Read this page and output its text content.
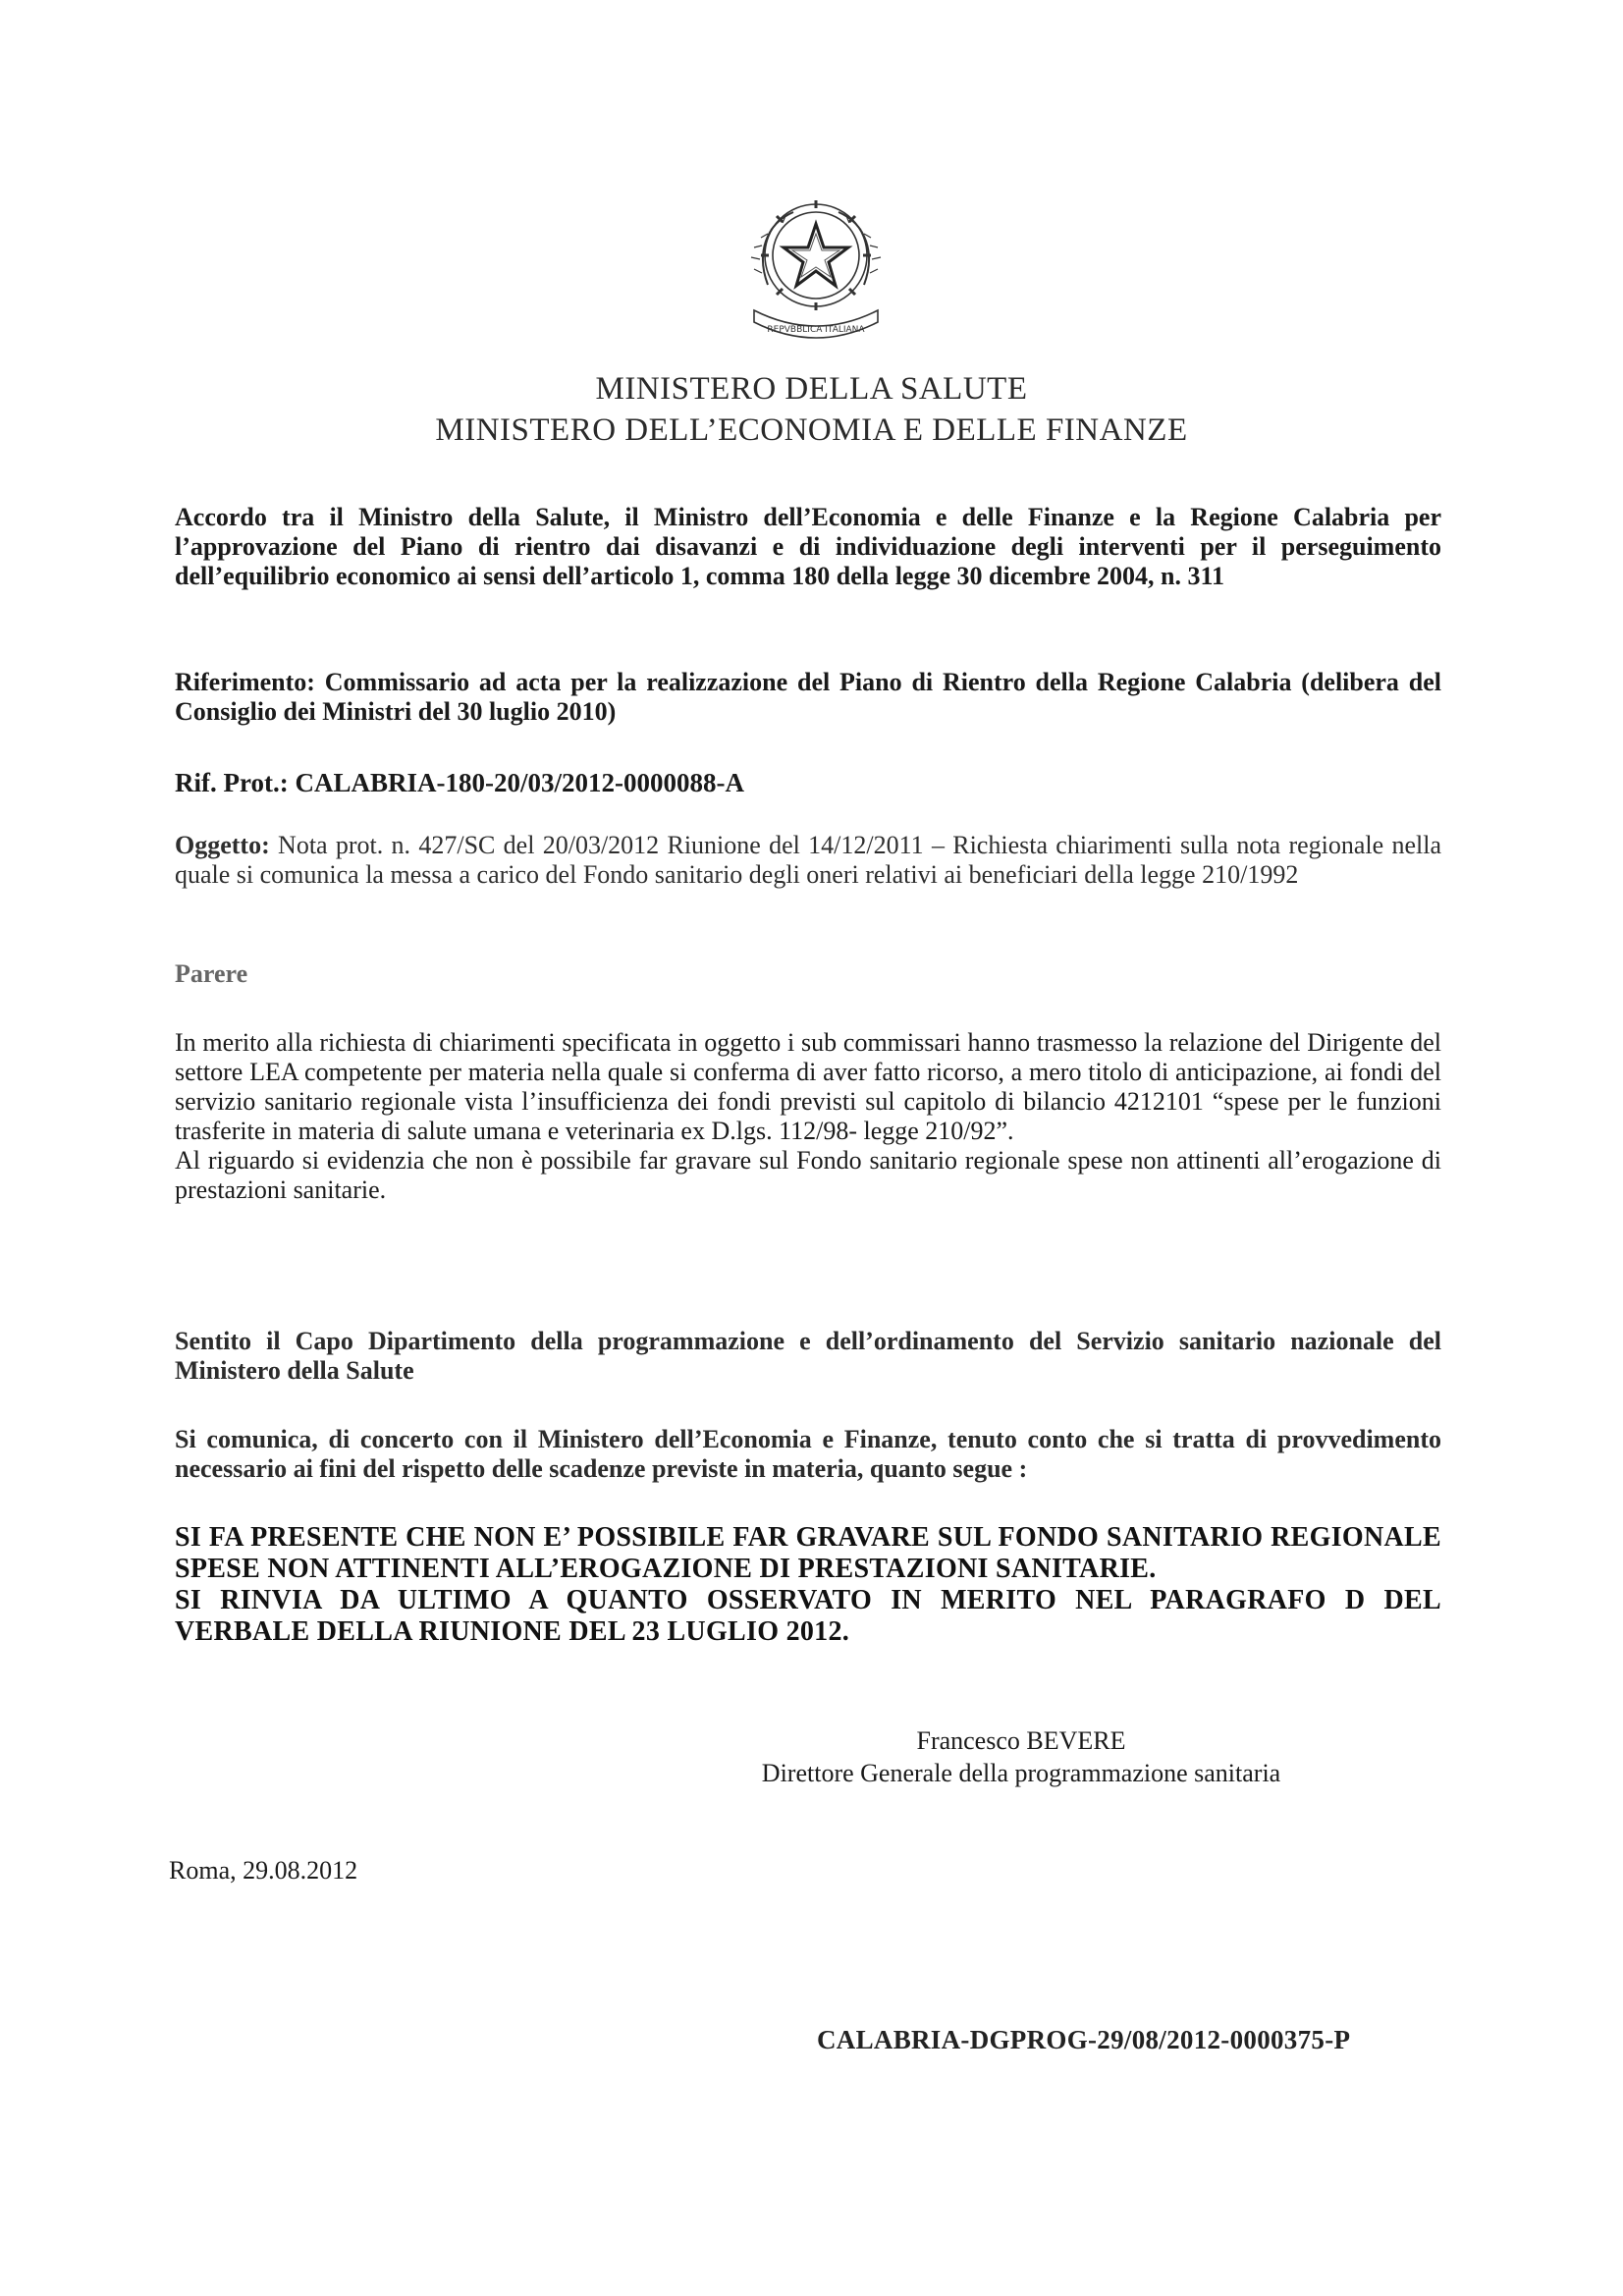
REPVBBLICA ITALIANA
MINISTERO DELLA SALUTE
MINISTERO DELL’ECONOMIA E DELLE FINANZE
Accordo tra il Ministro della Salute, il Ministro dell’Economia e delle Finanze e la Regione Calabria per l’approvazione del Piano di rientro dai disavanzi e di individuazione degli interventi per il perseguimento dell’equilibrio economico ai sensi dell’articolo 1, comma 180 della legge 30 dicembre 2004, n. 311
Riferimento: Commissario ad acta per la realizzazione del Piano di Rientro della Regione Calabria (delibera del Consiglio dei Ministri del 30 luglio 2010)
Rif. Prot.: CALABRIA-180-20/03/2012-0000088-A
Oggetto: Nota prot. n. 427/SC del 20/03/2012 Riunione del 14/12/2011 – Richiesta chiarimenti sulla nota regionale nella quale si comunica la messa a carico del Fondo sanitario degli oneri relativi ai beneficiari della legge 210/1992
Parere

In merito alla richiesta di chiarimenti specificata in oggetto i sub commissari hanno trasmesso la relazione del Dirigente del settore LEA competente per materia nella quale si conferma di aver fatto ricorso, a mero titolo di anticipazione, ai fondi del servizio sanitario regionale vista l’insufficienza dei fondi previsti sul capitolo di bilancio 4212101 “spese per le funzioni trasferite in materia di salute umana e veterinaria ex D.lgs. 112/98- legge 210/92”.

Al riguardo si evidenzia che non è possibile far gravare sul Fondo sanitario regionale spese non attinenti all’erogazione di prestazioni sanitarie.

Sentito il Capo Dipartimento della programmazione e dell’ordinamento del Servizio sanitario nazionale del Ministero della Salute
Si comunica, di concerto con il Ministero dell’Economia e Finanze, tenuto conto che si tratta di provvedimento necessario ai fini del rispetto delle scadenze previste in materia, quanto segue :

SI FA PRESENTE CHE NON E’ POSSIBILE FAR GRAVARE SUL FONDO SANITARIO REGIONALE SPESE NON ATTINENTI ALL’EROGAZIONE DI PRESTAZIONI SANITARIE.

SI RINVIA DA ULTIMO A QUANTO OSSERVATO IN MERITO NEL PARAGRAFO D DEL VERBALE DELLA RIUNIONE DEL 23 LUGLIO 2012.

Francesco BEVERE
Direttore Generale della programmazione sanitaria
Roma, 29.08.2012
CALABRIA-DGPROG-29/08/2012-0000375-P
